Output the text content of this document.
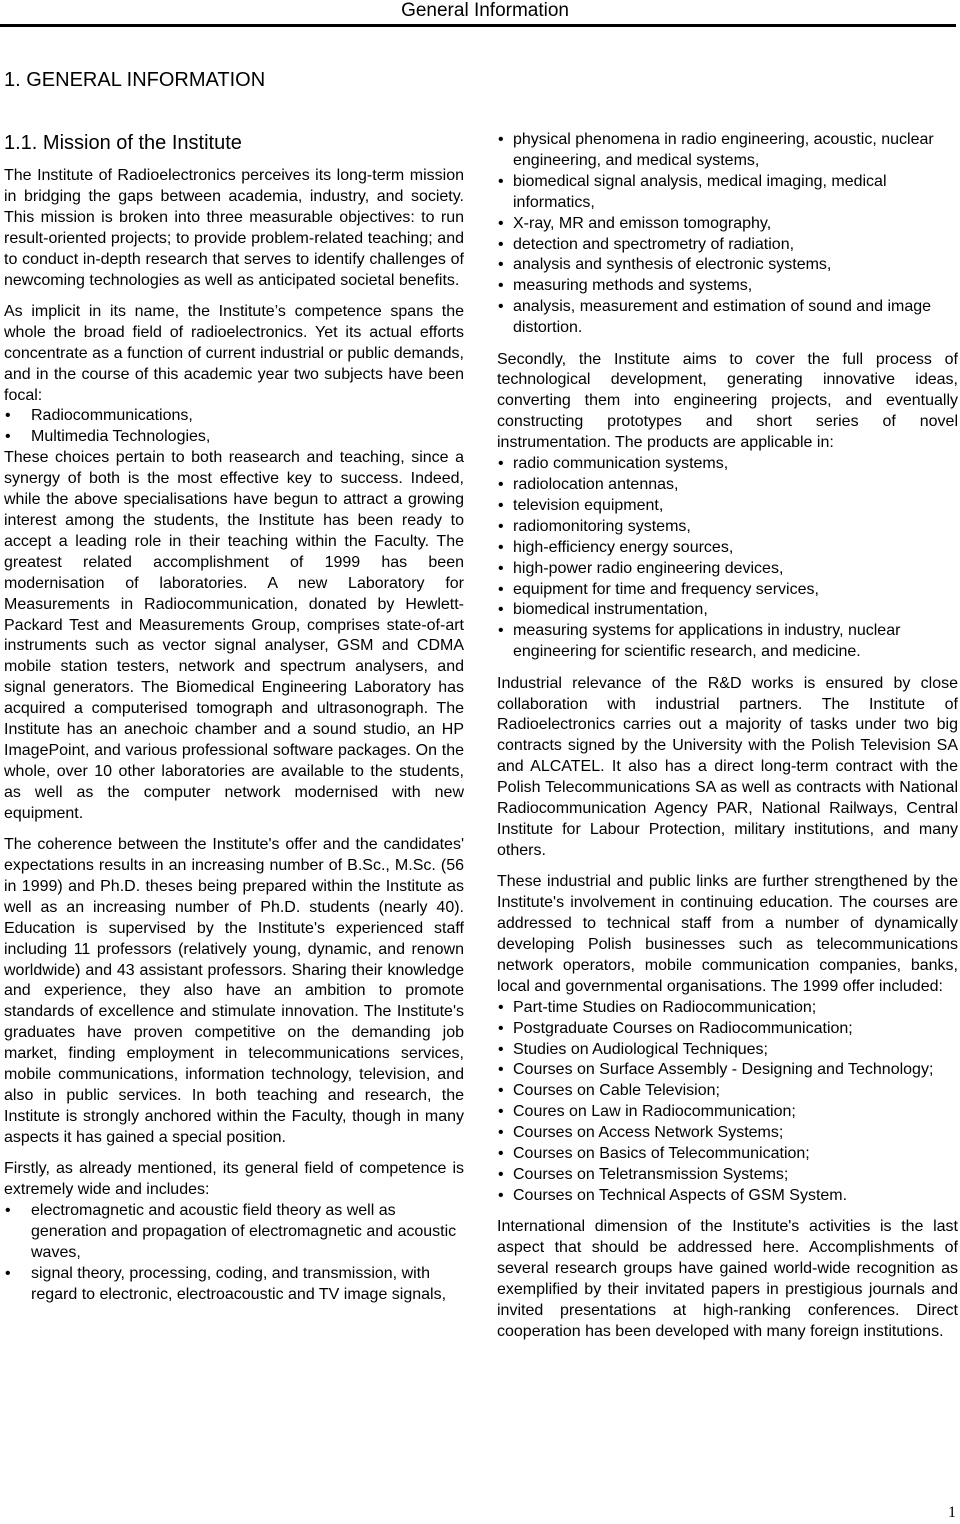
General Information
1. GENERAL INFORMATION
1.1. Mission of the Institute

The Institute of Radioelectronics perceives its long-term mission in bridging the gaps between academia, industry, and society. This mission is broken into three measurable objectives: to run result-oriented projects; to provide problem-related teaching; and to conduct in-depth research that serves to identify challenges of newcoming technologies as well as anticipated societal benefits.

As implicit in its name, the Institute’s competence spans the whole the broad field of radioelectronics. Yet its actual efforts concentrate as a function of current industrial or public demands, and in the course of this academic year two subjects have been focal:

• Radiocommunications,
• Multimedia Technologies,

These choices pertain to both reasearch and teaching, since a synergy of both is the most effective key to success. Indeed, while the above specialisations have begun to attract a growing interest among the students, the Institute has been ready to accept a leading role in their teaching within the Faculty. The greatest related accomplishment of 1999 has been modernisation of laboratories. A new Laboratory for Measurements in Radiocommunication, donated by Hewlett-Packard Test and Measurements Group, comprises state-of-art instruments such as vector signal analyser, GSM and CDMA mobile station testers, network and spectrum analysers, and signal generators. The Biomedical Engineering Laboratory has acquired a computerised tomograph and ultrasonograph. The Institute has an anechoic chamber and a sound studio, an HP ImagePoint, and various professional software packages. On the whole, over 10 other laboratories are available to the students, as well as the computer network modernised with new equipment.

The coherence between the Institute's offer and the candidates' expectations results in an increasing number of B.Sc., M.Sc. (56 in 1999) and Ph.D. theses being prepared within the Institute as well as an increasing number of Ph.D. students (nearly 40). Education is supervised by the Institute's experienced staff including 11 professors (relatively young, dynamic, and renown worldwide) and 43 assistant professors. Sharing their knowledge and experience, they also have an ambition to promote standards of excellence and stimulate innovation. The Institute's graduates have proven competitive on the demanding job market, finding employment in telecommunications services, mobile communications, information technology, television, and also in public services. In both teaching and research, the Institute is strongly anchored within the Faculty, though in many aspects it has gained a special position.

Firstly, as already mentioned, its general field of competence is extremely wide and includes:

• electromagnetic and acoustic field theory as well as generation and propagation of electromagnetic and acoustic waves,
• signal theory, processing, coding, and transmission, with regard to electronic, electroacoustic and TV image signals,
• physical phenomena in radio engineering, acoustic, nuclear engineering, and medical systems,
• biomedical signal analysis, medical imaging, medical informatics,
• X-ray, MR and emisson tomography,
• detection and spectrometry of radiation,
• analysis and synthesis of electronic systems,
• measuring methods and systems,
• analysis, measurement and estimation of sound and image distortion.

Secondly, the Institute aims to cover the full process of technological development, generating innovative ideas, converting them into engineering projects, and eventually constructing prototypes and short series of novel instrumentation. The products are applicable in:

• radio communication systems,
• radiolocation antennas,
• television equipment,
• radiomonitoring systems,
• high-efficiency energy sources,
• high-power radio engineering devices,
• equipment for time and frequency services,
• biomedical instrumentation,
• measuring systems for applications in industry, nuclear engineering for scientific research, and medicine.

Industrial relevance of the R&D works is ensured by close collaboration with industrial partners. The Institute of Radioelectronics carries out a majority of tasks under two big contracts signed by the University with the Polish Television SA and ALCATEL. It also has a direct long-term contract with the Polish Telecommunications SA as well as contracts with National Radiocommunication Agency PAR, National Railways, Central Institute for Labour Protection, military institutions, and many others.

These industrial and public links are further strengthened by the Institute's involvement in continuing education. The courses are addressed to technical staff from a number of dynamically developing Polish businesses such as telecommunications network operators, mobile communication companies, banks, local and governmental organisations. The 1999 offer included:

• Part-time Studies on Radiocommunication;
• Postgraduate Courses on Radiocommunication;
• Studies on Audiological Techniques;
• Courses on Surface Assembly - Designing and Technology;
• Courses on Cable Television;
• Coures on Law in Radiocommunication;
• Courses on Access Network Systems;
• Courses on Basics of Telecommunication;
• Courses on Teletransmission Systems;
• Courses on Technical Aspects of GSM System.

International dimension of the Institute's activities is the last aspect that should be addressed here. Accomplishments of several research groups have gained world-wide recognition as exemplified by their invitated papers in prestigious journals and invited presentations at high-ranking conferences. Direct cooperation has been developed with many foreign institutions.

1
